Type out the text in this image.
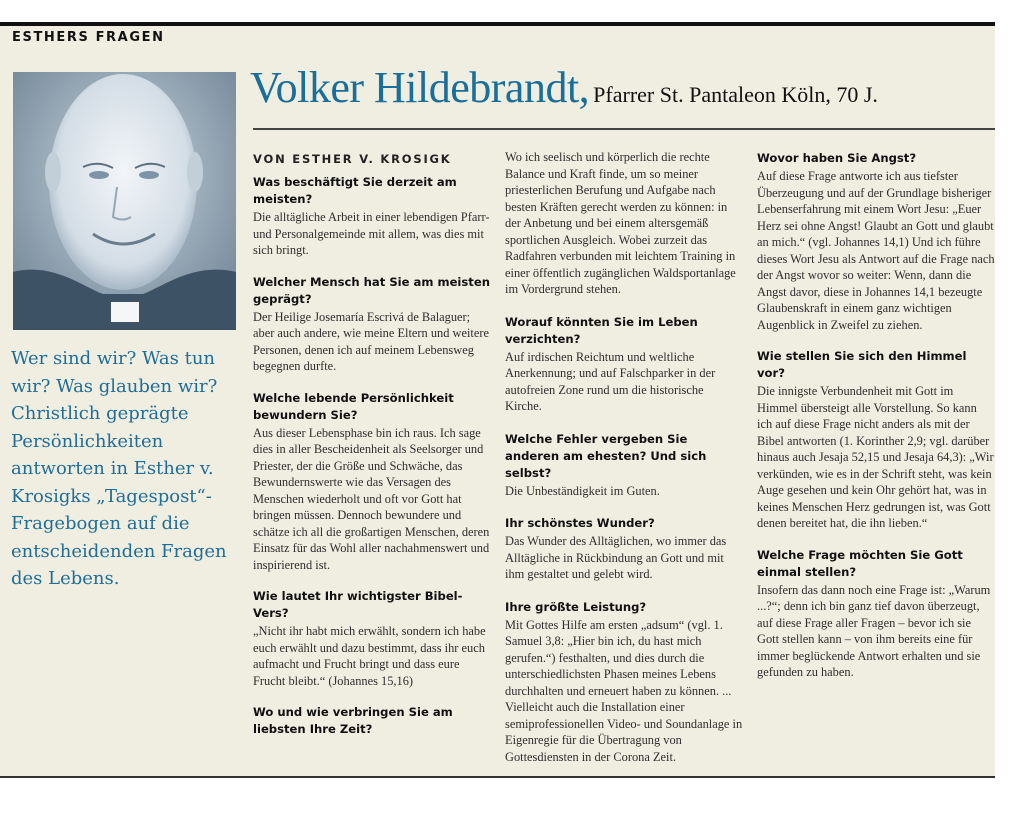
ESTHERS FRAGEN
Wer sind wir? Was tun wir? Was glauben wir? Christlich geprägte Persönlichkeiten antworten in Esther v. Krosigks „Tagespost“-Fragebogen auf die entscheidenden Fragen des Lebens.
Volker Hildebrandt, Pfarrer St. Pantaleon Köln, 70 J.
VON ESTHER V. KROSIGK

Was beschäftigt Sie derzeit am meisten?

Die alltägliche Arbeit in einer lebendigen Pfarr- und Personalgemeinde mit allem, was dies mit sich bringt.

Welcher Mensch hat Sie am meisten geprägt?

Der Heilige Josemaría Escrivá de Balaguer; aber auch andere, wie meine Eltern und weitere Personen, denen ich auf meinem Lebensweg begegnen durfte.

Welche lebende Persönlichkeit bewundern Sie?

Aus dieser Lebensphase bin ich raus. Ich sage dies in aller Bescheidenheit als Seelsorger und Priester, der die Größe und Schwäche, das Bewundernswerte wie das Versagen des Menschen wiederholt und oft vor Gott hat bringen müssen. Dennoch bewundere und schätze ich all die großartigen Menschen, deren Einsatz für das Wohl aller nachahmenswert und inspirierend ist.

Wie lautet Ihr wichtigster Bibel-Vers?

„Nicht ihr habt mich erwählt, sondern ich habe euch erwählt und dazu bestimmt, dass ihr euch aufmacht und Frucht bringt und dass eure Frucht bleibt.“ (Johannes 15,16)

Wo und wie verbringen Sie am liebsten Ihre Zeit?

Wo ich seelisch und körperlich die rechte Balance und Kraft finde, um so meiner priesterlichen Berufung und Aufgabe nach besten Kräften gerecht werden zu können: in der Anbetung und bei einem altersgemäß sportlichen Ausgleich. Wobei zurzeit das Radfahren verbunden mit leichtem Training in einer öffentlich zugänglichen Waldsportanlage im Vordergrund stehen.

Worauf könnten Sie im Leben verzichten?

Auf irdischen Reichtum und weltliche Anerkennung; und auf Falschparker in der autofreien Zone rund um die historische Kirche.

Welche Fehler vergeben Sie anderen am ehesten? Und sich selbst?

Die Unbeständigkeit im Guten.

Ihr schönstes Wunder?

Das Wunder des Alltäglichen, wo immer das Alltägliche in Rückbindung an Gott und mit ihm gestaltet und gelebt wird.

Ihre größte Leistung?

Mit Gottes Hilfe am ersten „adsum“ (vgl. 1. Samuel 3,8: „Hier bin ich, du hast mich gerufen.“) festhalten, und dies durch die unterschiedlichsten Phasen meines Lebens durchhalten und erneuert haben zu können. ... Vielleicht auch die Installation einer semiprofessionellen Video- und Soundanlage in Eigenregie für die Übertragung von Gottesdiensten in der Corona Zeit.

Wovor haben Sie Angst?

Auf diese Frage antworte ich aus tiefster Überzeugung und auf der Grundlage bisheriger Lebenserfahrung mit einem Wort Jesu: „Euer Herz sei ohne Angst! Glaubt an Gott und glaubt an mich.“ (vgl. Johannes 14,1) Und ich führe dieses Wort Jesu als Antwort auf die Frage nach der Angst wovor so weiter: Wenn, dann die Angst davor, diese in Johannes 14,1 bezeugte Glaubenskraft in einem ganz wichtigen Augenblick in Zweifel zu ziehen.

Wie stellen Sie sich den Himmel vor?

Die innigste Verbundenheit mit Gott im Himmel übersteigt alle Vorstellung. So kann ich auf diese Frage nicht anders als mit der Bibel antworten (1. Korinther 2,9; vgl. darüber hinaus auch Jesaja 52,15 und Jesaja 64,3): „Wir verkünden, wie es in der Schrift steht, was kein Auge gesehen und kein Ohr gehört hat, was in keines Menschen Herz gedrungen ist, was Gott denen bereitet hat, die ihn lieben.“

Welche Frage möchten Sie Gott einmal stellen?

Insofern das dann noch eine Frage ist: „Warum ...?“; denn ich bin ganz tief davon überzeugt, auf diese Frage aller Fragen – bevor ich sie Gott stellen kann – von ihm bereits eine für immer beglückende Antwort erhalten und sie gefunden zu haben.
